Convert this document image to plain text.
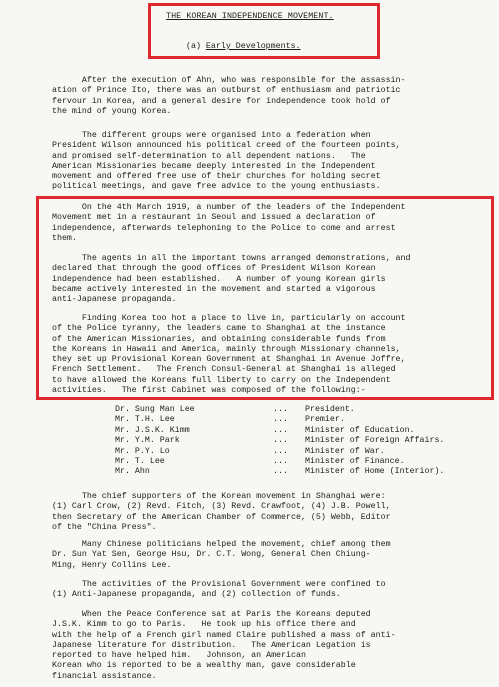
THE KOREAN INDEPENDENCE MOVEMENT.
(a) Early Developments.
After the execution of Ahn, who was responsible for the assassin-
ation of Prince Ito, there was an outburst of enthusiasm and patriotic
fervour in Korea, and a general desire for independence took hold of
the mind of young Korea.
The different groups were organised into a federation when
President Wilson announced his political creed of the fourteen points,
and promised self-determination to all dependent nations.   The
American Missionaries became deeply interested in the Independent
movement and offered free use of their churches for holding secret
political meetings, and gave free advice to the young enthusiasts.
On the 4th March 1919, a number of the leaders of the Independent
Movement met in a restaurant in Seoul and issued a declaration of
independence, afterwards telephoning to the Police to come and arrest
them.
The agents in all the important towns arranged demonstrations, and
declared that through the good offices of President Wilson Korean
independence had been established.   A number of young Korean girls
became actively interested in the movement and started a vigorous
anti-Japanese propaganda.
Finding Korea too hot a place to live in, particularly on account
of the Police tyranny, the leaders came to Shanghai at the instance
of the American Missionaries, and obtaining considerable funds from
the Koreans in Hawaii and America, mainly through Missionary channels,
they set up Provisional Korean Government at Shanghai in Avenue Joffre,
French Settlement.   The French Consul-General at Shanghai is alleged
to have allowed the Koreans full liberty to carry on the Independent
activities.   The first Cabinet was composed of the following:-
The chief supporters of the Korean movement in Shanghai were:
(1) Carl Crow, (2) Revd. Fitch, (3) Revd. Crawfoot, (4) J.B. Powell,
then Secretary of the American Chamber of Commerce, (5) Webb, Editor
of the "China Press".
Many Chinese politicians helped the movement, chief among them
Dr. Sun Yat Sen, George Hsu, Dr. C.T. Wong, General Chen Chiung-
Ming, Henry Collins Lee.
The activities of the Provisional Government were confined to
(1) Anti-Japanese propaganda, and (2) collection of funds.
When the Peace Conference sat at Paris the Koreans deputed
J.S.K. Kimm to go to Paris.   He took up his office there and
with the help of a French girl named Claire published a mass of anti-
Japanese literature for distribution.   The American Legation is
reported to have helped him.   Johnson, an American
Korean who is reported to be a wealthy man, gave considerable
financial assistance.
Dr. Sung Man Lee	... President.
Mr. T.H. Lee	... Premier.
Mr. J.S.K. Kimm	... Minister of Education.
Mr. Y.M. Park	... Minister of Foreign Affairs.
Mr. P.Y. Lo	... Minister of War.
Mr. T. Lee	... Minister of Finance.
Mr. Ahn	... Minister of Home (Interior).
